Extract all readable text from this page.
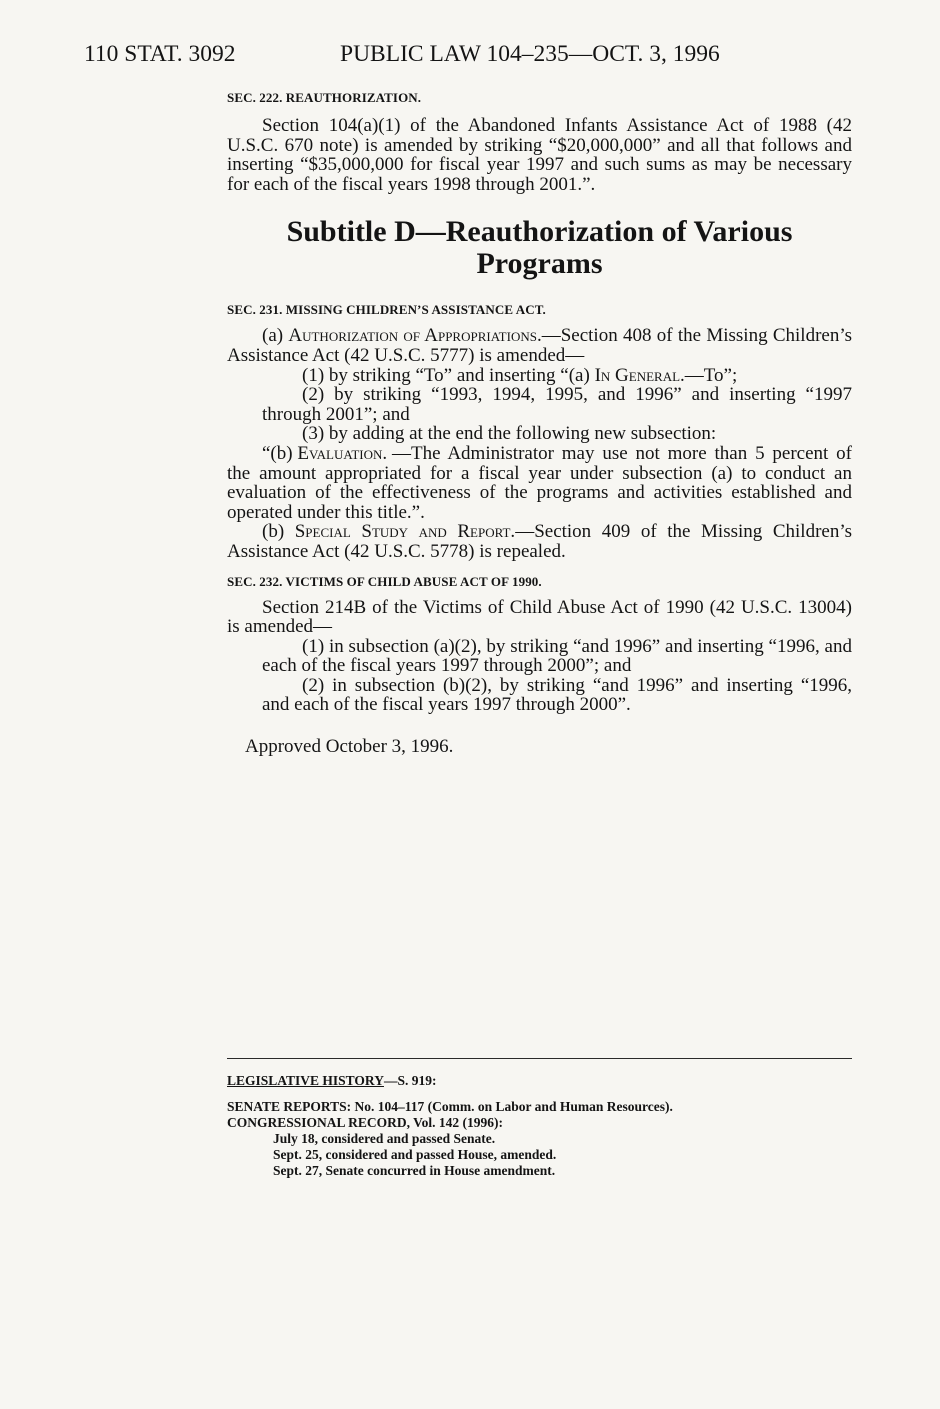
110 STAT. 3092	PUBLIC LAW 104–235—OCT. 3, 1996
SEC. 222. REAUTHORIZATION.

Section 104(a)(1) of the Abandoned Infants Assistance Act of 1988 (42 U.S.C. 670 note) is amended by striking “$20,000,000” and all that follows and inserting “$35,000,000 for fiscal year 1997 and such sums as may be necessary for each of the fiscal years 1998 through 2001.”.

Subtitle D—Reauthorization of Various
Programs
SEC. 231. MISSING CHILDREN’S ASSISTANCE ACT.

(a) Authorization of Appropriations.—Section 408 of the Missing Children’s Assistance Act (42 U.S.C. 5777) is amended—

(1) by striking “To” and inserting “(a) In General.—To”;

(2) by striking “1993, 1994, 1995, and 1996” and inserting “1997 through 2001”; and

(3) by adding at the end the following new subsection:

“(b) Evaluation. —The Administrator may use not more than 5 percent of the amount appropriated for a fiscal year under subsection (a) to conduct an evaluation of the effectiveness of the programs and activities established and operated under this title.”.

(b) Special Study and Report.—Section 409 of the Missing Children’s Assistance Act (42 U.S.C. 5778) is repealed.

SEC. 232. VICTIMS OF CHILD ABUSE ACT OF 1990.

Section 214B of the Victims of Child Abuse Act of 1990 (42 U.S.C. 13004) is amended—

(1) in subsection (a)(2), by striking “and 1996” and inserting “1996, and each of the fiscal years 1997 through 2000”; and

(2) in subsection (b)(2), by striking “and 1996” and inserting “1996, and each of the fiscal years 1997 through 2000”.

Approved October 3, 1996.

LEGISLATIVE HISTORY—S. 919:
SENATE REPORTS: No. 104–117 (Comm. on Labor and Human Resources).
CONGRESSIONAL RECORD, Vol. 142 (1996):
July 18, considered and passed Senate.
Sept. 25, considered and passed House, amended.
Sept. 27, Senate concurred in House amendment.
